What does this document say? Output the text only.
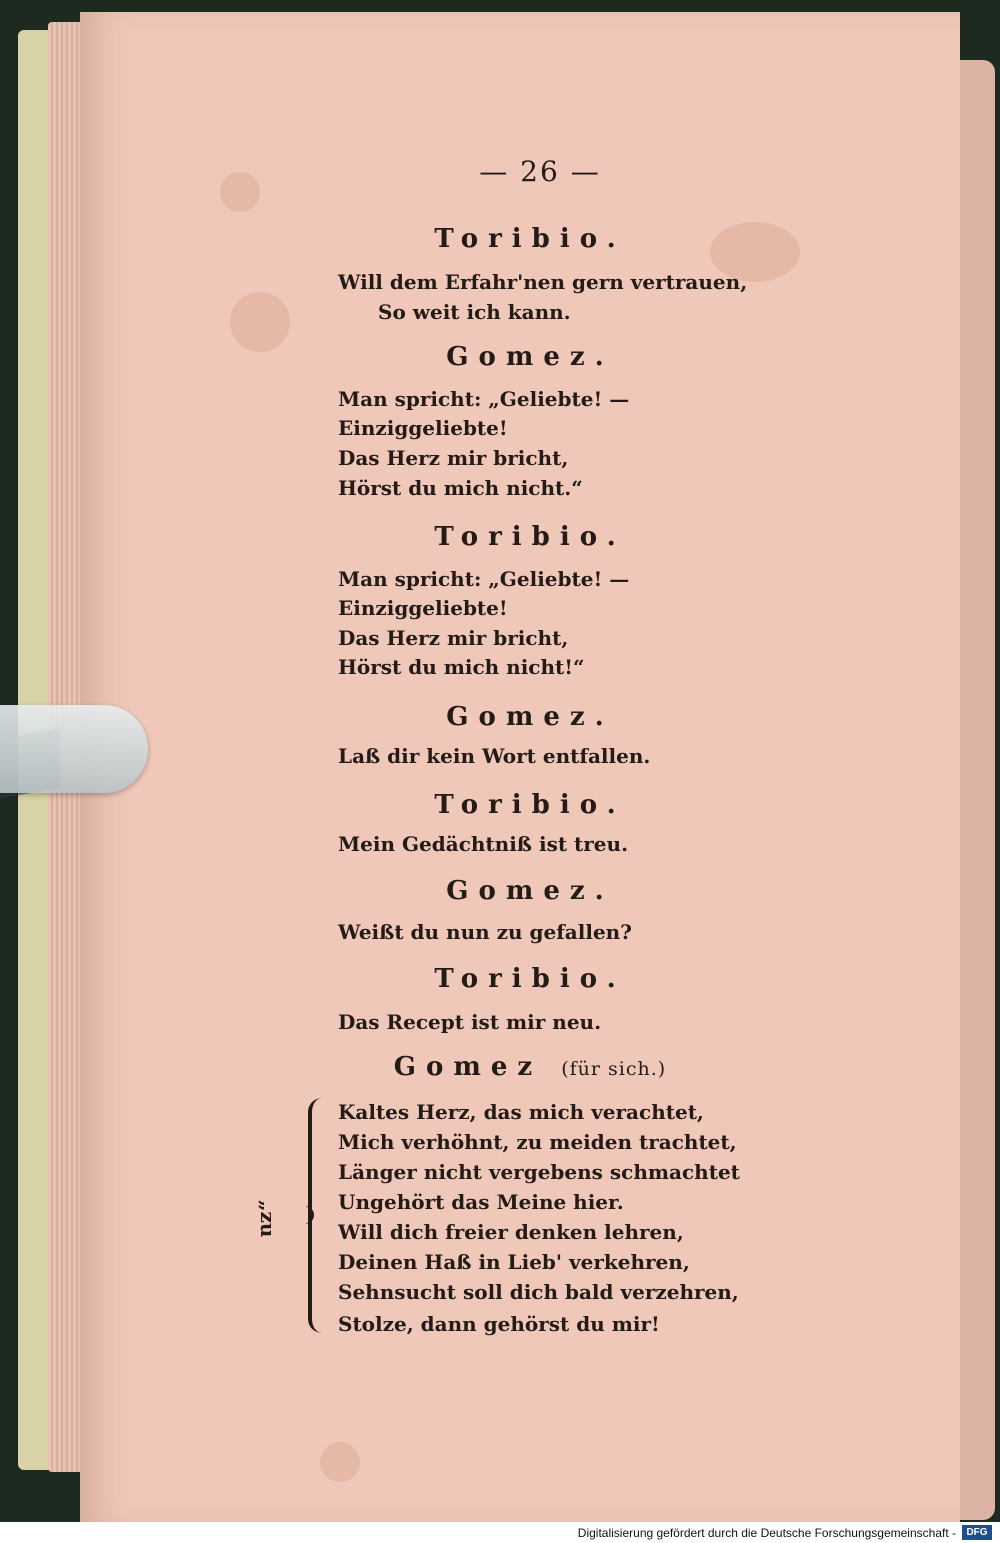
— 26 —
Toribio.
Will dem Erfahr'nen gern vertrauen,
So weit ich kann.
Gomez.
Man spricht: „Geliebte! —
Einziggeliebte!
Das Herz mir bricht,
Hörst du mich nicht.“
Toribio.
Man spricht: „Geliebte! —
Einziggeliebte!
Das Herz mir bricht,
Hörst du mich nicht!“
Gomez.
Laß dir kein Wort entfallen.
Toribio.
Mein Gedächtniß ist treu.
Gomez.
Weißt du nun zu gefallen?
Toribio.
Das Recept ist mir neu.
Gomez (für sich.)
„zu
Kaltes Herz, das mich verachtet,
Mich verhöhnt, zu meiden trachtet,
Länger nicht vergebens schmachtet
Ungehört das Meine hier.
Will dich freier denken lehren,
Deinen Haß in Lieb' verkehren,
Sehnsucht soll dich bald verzehren,
Stolze, dann gehörst du mir!
Digitalisierung gefördert durch die Deutsche Forschungsgemeinschaft -	DFG
